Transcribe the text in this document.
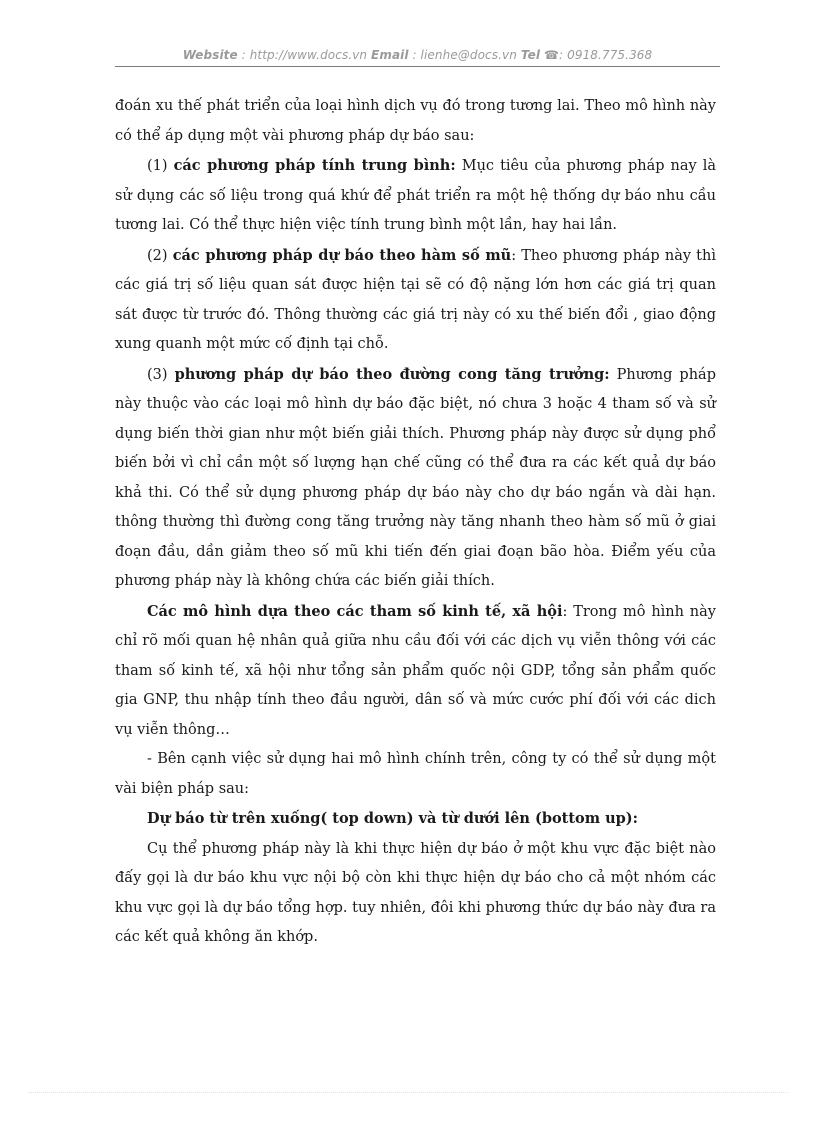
Website : http://www.docs.vn Email : lienhe@docs.vn Tel ☎: 0918.775.368

đoán xu thế phát triển của loại hình dịch vụ đó trong tương lai. Theo mô hình này có thể áp dụng một vài phương pháp dự báo sau:

(1) các phương pháp tính trung bình: Mục tiêu của phương pháp nay là sử dụng các số liệu trong quá khứ để phát triển ra một hệ thống dự báo nhu cầu tương lai. Có thể thực hiện việc tính trung bình một lần, hay hai lần.

(2) các phương pháp dự báo theo hàm số mũ: Theo phương pháp này thì các giá trị số liệu quan sát được hiện tại sẽ có độ nặng lớn hơn các giá trị quan sát được từ trước đó. Thông thường các giá trị này có xu thế biến đổi , giao động xung quanh một mức cố định tại chỗ.

(3) phương pháp dự báo theo đường cong tăng trưởng: Phương pháp này thuộc vào các loại mô hình dự báo đặc biệt, nó chưa 3 hoặc 4 tham số và sử dụng biến thời gian như một biến giải thích. Phương pháp này được sử dụng phổ biến bởi vì chỉ cần một số lượng hạn chế cũng có thể đưa ra các kết quả dự báo khả thi. Có thể sử dụng phương pháp dự báo này cho dự báo ngắn và dài hạn. thông thường thì đường cong tăng trưởng này tăng nhanh theo hàm số mũ ở giai đoạn đầu, dần giảm theo số mũ khi tiến đến giai đoạn bão hòa. Điểm yếu của phương pháp này là không chứa các biến giải thích.

Các mô hình dựa theo các tham số kinh tế, xã hội: Trong mô hình này chỉ rõ mối quan hệ nhân quả giữa nhu cầu đối với các dịch vụ viễn thông với các tham số kinh tế, xã hội như tổng sản phẩm quốc nội GDP, tổng sản phẩm quốc gia GNP, thu nhập tính theo đầu người, dân số và mức cước phí đối với các dich vụ viễn thông…

- Bên cạnh việc sử dụng hai mô hình chính trên, công ty có thể sử dụng một vài biện pháp sau:

Dự báo từ trên xuống( top down) và từ dưới lên (bottom up):

Cụ thể phương pháp này là khi thực hiện dự báo ở một khu vực đặc biệt nào đấy gọi là dư báo khu vực nội bộ còn khi thực hiện dự báo cho cả một nhóm các khu vực gọi là dự báo tổng hợp. tuy nhiên, đôi khi phương thức dự báo này đưa ra các kết quả không ăn khớp.
